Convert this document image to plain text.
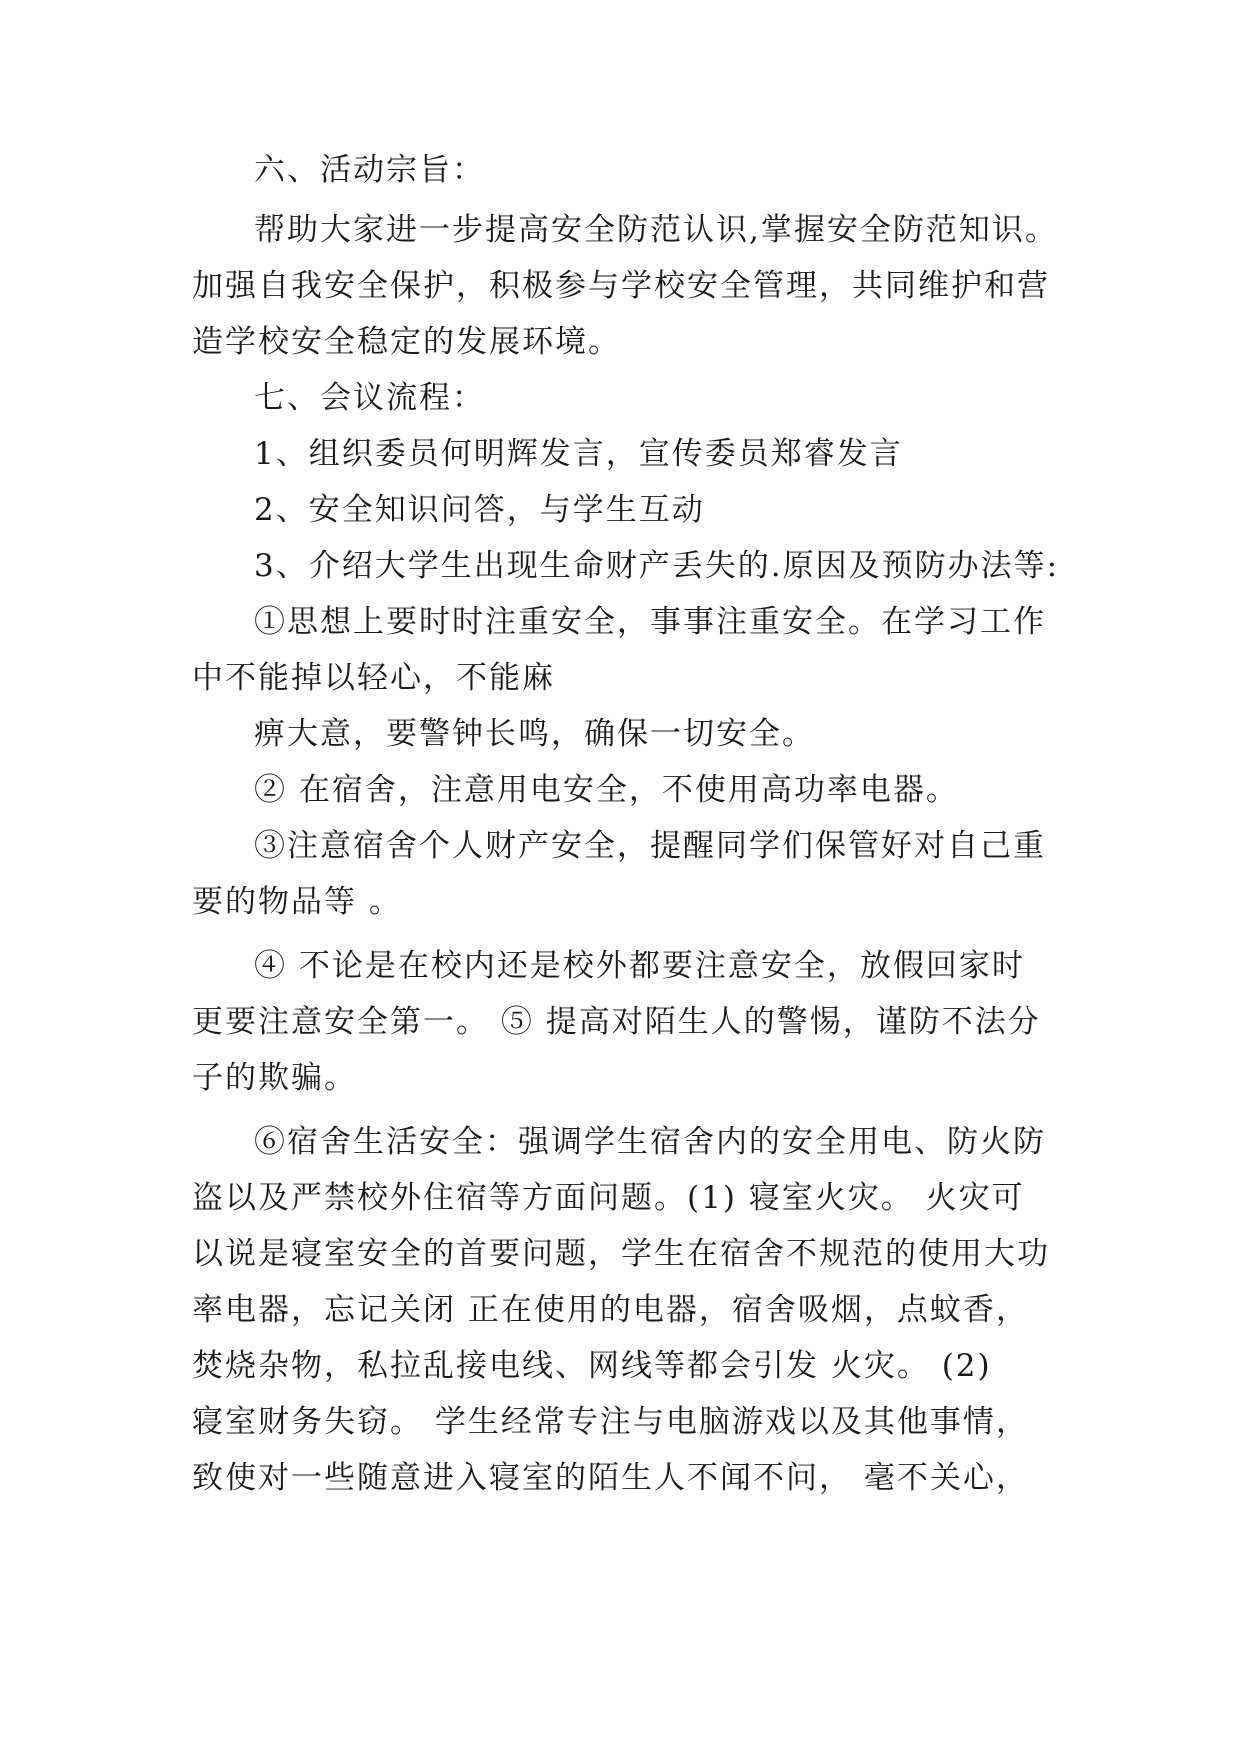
六、活动宗旨：
帮助大家进一步提高安全防范认识,掌握安全防范知识。
加强自我安全保护，积极参与学校安全管理，共同维护和营
造学校安全稳定的发展环境。
七、会议流程：
1、组织委员何明辉发言，宣传委员郑睿发言
2、安全知识问答，与学生互动
3、介绍大学生出现生命财产丢失的.原因及预防办法等:
①思想上要时时注重安全，事事注重安全。在学习工作
中不能掉以轻心，不能麻
痹大意，要警钟长鸣，确保一切安全。
② 在宿舍，注意用电安全，不使用高功率电器。
③注意宿舍个人财产安全，提醒同学们保管好对自己重
要的物品等 。
④ 不论是在校内还是校外都要注意安全，放假回家时
更要注意安全第一。 ⑤ 提高对陌生人的警惕，谨防不法分
子的欺骗。
⑥宿舍生活安全：强调学生宿舍内的安全用电、防火防
盗以及严禁校外住宿等方面问题。(1) 寝室火灾。 火灾可
以说是寝室安全的首要问题，学生在宿舍不规范的使用大功
率电器，忘记关闭 正在使用的电器，宿舍吸烟，点蚊香，
焚烧杂物，私拉乱接电线、网线等都会引发 火灾。 (2)
寝室财务失窃。 学生经常专注与电脑游戏以及其他事情，
致使对一些随意进入寝室的陌生人不闻不问， 毫不关心，
